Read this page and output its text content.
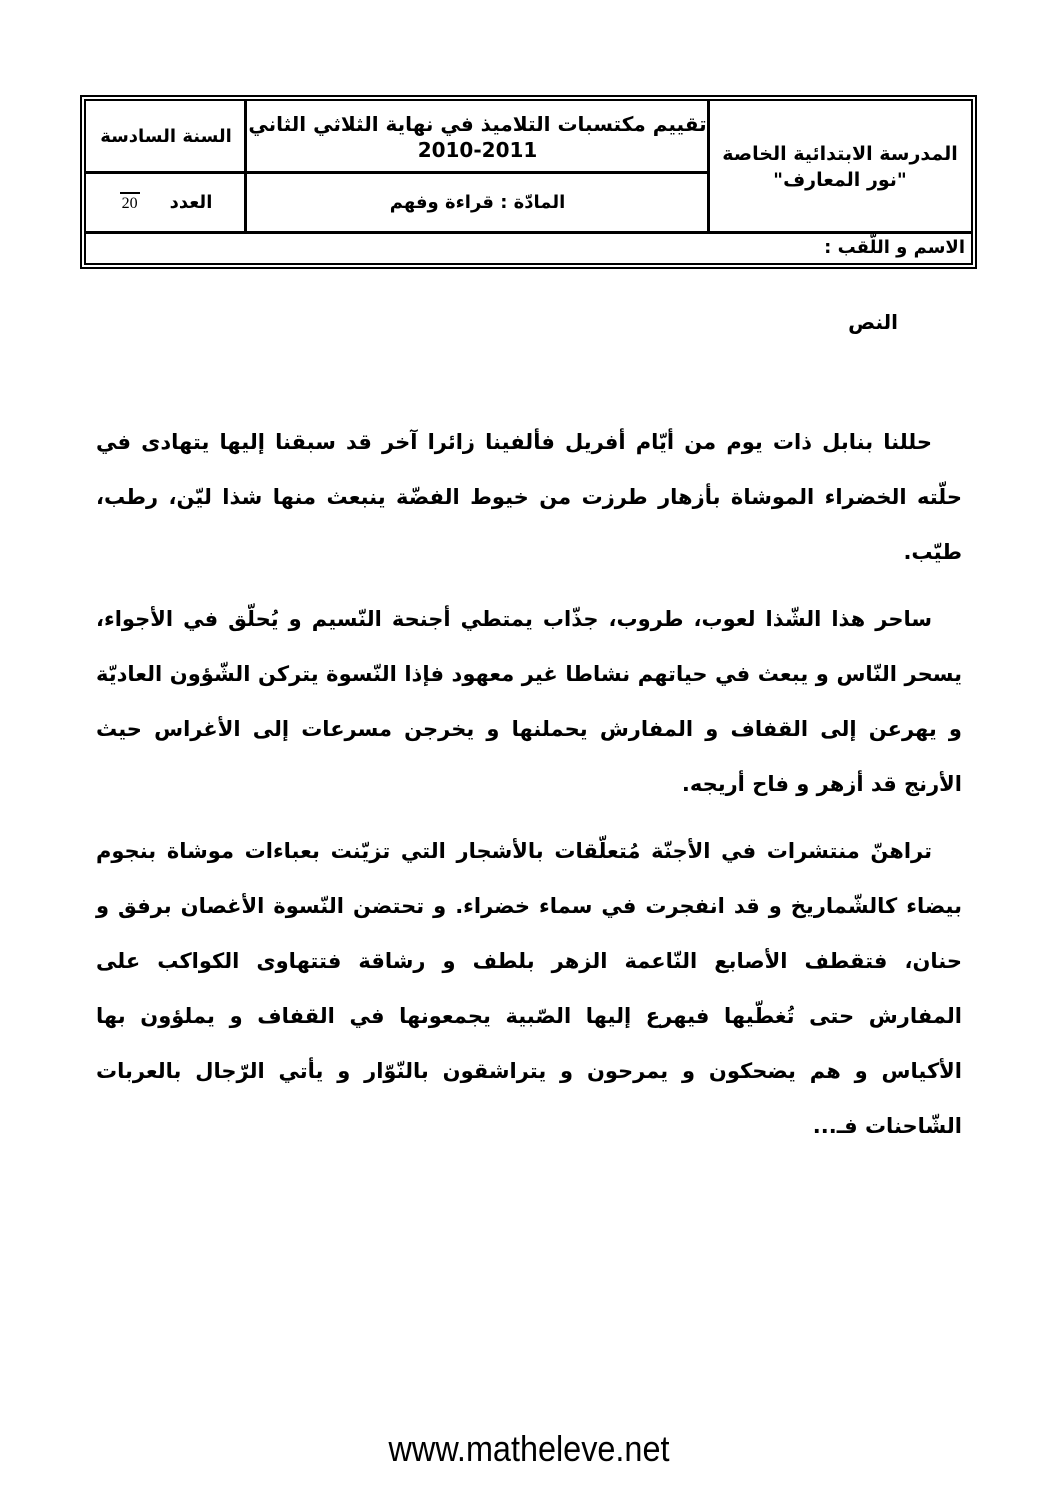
السنة السادسة
العدد
20
تقييم مكتسبات التلاميذ في نهاية الثلاثي الثاني
2010-2011
المادّة : قراءة وفهم
المدرسة الابتدائية الخاصة
"نور المعارف"
الاسم و اللّقب :
النص

حللنا بنابل ذات يوم من أيّام أفريل فألفينا زائرا آخر قد سبقنا إليها يتهادى في حلّته الخضراء الموشاة بأزهار طرزت من خيوط الفضّة ينبعث منها شذا ليّن، رطب، طيّب.

ساحر هذا الشّذا لعوب، طروب، جذّاب يمتطي أجنحة النّسيم و يُحلّق في الأجواء، يسحر النّاس و يبعث في حياتهم نشاطا غير معهود فإذا النّسوة يتركن الشّؤون العاديّة و يهرعن إلى القفاف و المفارش يحملنها و يخرجن مسرعات إلى الأغراس حيث الأرنج قد أزهر و فاح أريجه.

تراهنّ منتشرات في الأجنّة مُتعلّقات بالأشجار التي تزيّنت بعباءات موشاة بنجوم بيضاء كالشّماريخ و قد انفجرت في سماء خضراء. و تحتضن النّسوة الأغصان برفق و حنان، فتقطف الأصابع النّاعمة الزهر بلطف و رشاقة فتتهاوى الكواكب على المفارش حتى تُغطّيها فيهرع إليها الصّبية يجمعونها في القفاف و يملؤون بها الأكياس و هم يضحكون و يمرحون و يتراشقون بالنّوّار و يأتي الرّجال بالعربات الشّاحنات فـ...

www.matheleve.net
